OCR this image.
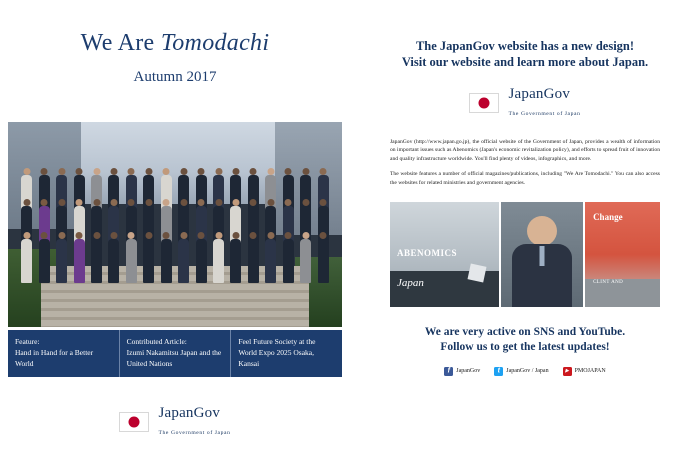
We Are Tomodachi
Autumn 2017
Feature:
Hand in Hand for a Better World
Contributed Article:
Izumi Nakamitsu Japan and the United Nations
Feel Future Society at the World Expo 2025 Osaka, Kansai
JapanGov
The Government of Japan
The JapanGov website has a new design!
Visit our website and learn more about Japan.
JapanGov
The Government of Japan

JapanGov (http://www.japan.go.jp), the official website of the Government of Japan, provides a wealth of information on important issues such as Abenomics (Japan's economic revitalization policy), and efforts to spread fruit of innovation and quality infrastructure worldwide. You'll find plenty of videos, infographics, and more.

The website features a number of official magazines/publications, including "We Are Tomodachi." You can also access the websites for related ministries and government agencies.

ABENOMICS
Japan
Change
CLINT AND
We are very active on SNS and YouTube.
Follow us to get the latest updates!
f
JapanGov t	JapanGov / Japan ▶	PMOJAPAN
